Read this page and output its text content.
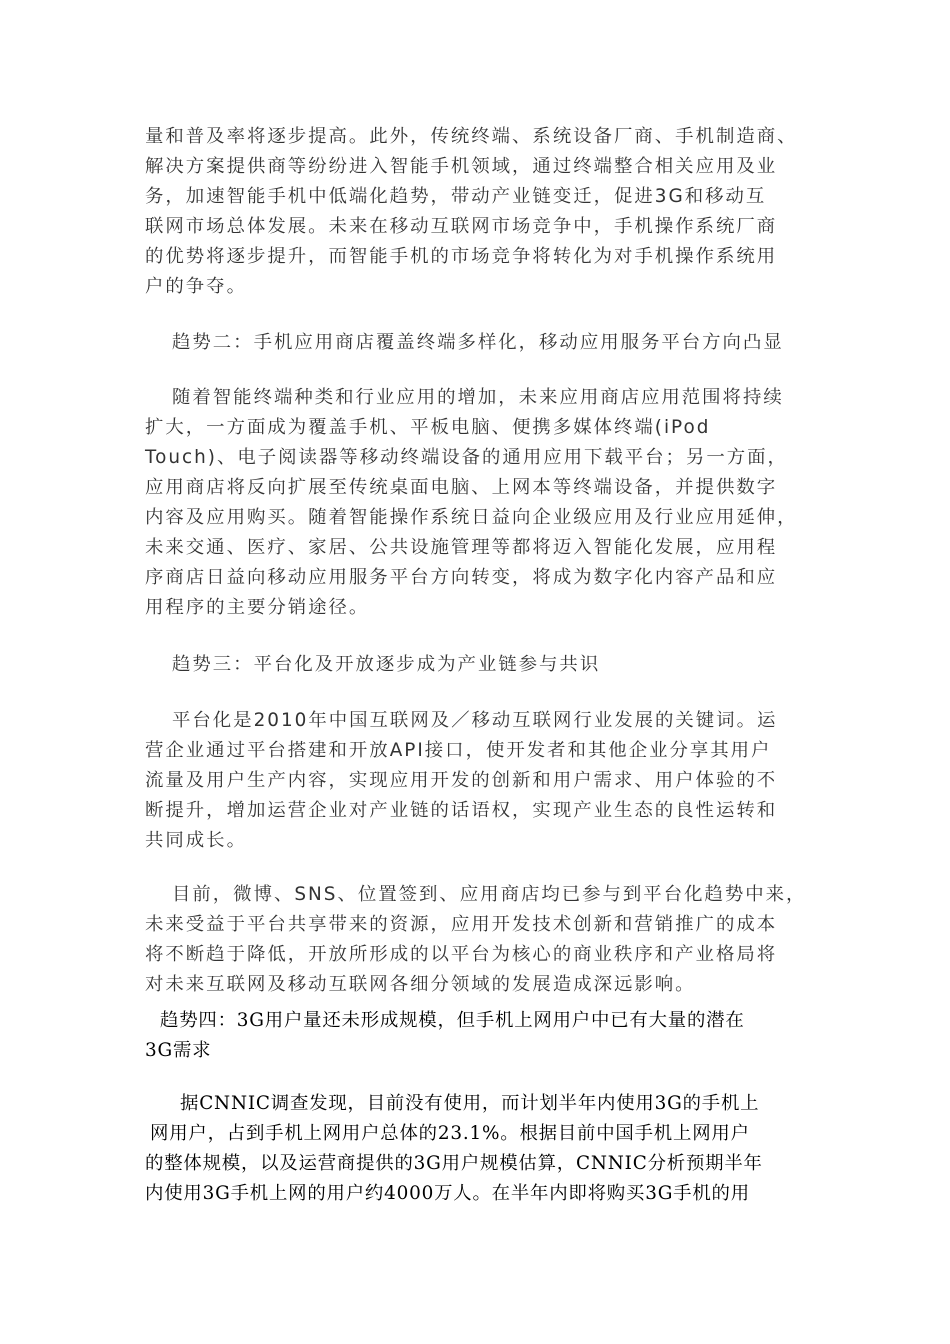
量和普及率将逐步提高。此外，传统终端、系统设备厂商、手机制造商、
解决方案提供商等纷纷进入智能手机领域，通过终端整合相关应用及业
务，加速智能手机中低端化趋势，带动产业链变迁，促进3G和移动互
联网市场总体发展。未来在移动互联网市场竞争中，手机操作系统厂商
的优势将逐步提升，而智能手机的市场竞争将转化为对手机操作系统用
户的争夺。
趋势二：手机应用商店覆盖终端多样化，移动应用服务平台方向凸显
随着智能终端种类和行业应用的增加，未来应用商店应用范围将持续
扩大，一方面成为覆盖手机、平板电脑、便携多媒体终端(iPod
Touch)、电子阅读器等移动终端设备的通用应用下载平台；另一方面，
应用商店将反向扩展至传统桌面电脑、上网本等终端设备，并提供数字
内容及应用购买。随着智能操作系统日益向企业级应用及行业应用延伸，
未来交通、医疗、家居、公共设施管理等都将迈入智能化发展，应用程
序商店日益向移动应用服务平台方向转变，将成为数字化内容产品和应
用程序的主要分销途径。
趋势三：平台化及开放逐步成为产业链参与共识
平台化是2010年中国互联网及／移动互联网行业发展的关键词。运
营企业通过平台搭建和开放API接口，使开发者和其他企业分享其用户
流量及用户生产内容，实现应用开发的创新和用户需求、用户体验的不
断提升，增加运营企业对产业链的话语权，实现产业生态的良性运转和
共同成长。
目前，微博、SNS、位置签到、应用商店均已参与到平台化趋势中来，
未来受益于平台共享带来的资源，应用开发技术创新和营销推广的成本
将不断趋于降低，开放所形成的以平台为核心的商业秩序和产业格局将
对未来互联网及移动互联网各细分领域的发展造成深远影响。
趋势四：3G用户量还未形成规模，但手机上网用户中已有大量的潜在
3G需求
据CNNIC调查发现，目前没有使用，而计划半年内使用3G的手机上
网用户，占到手机上网用户总体的23.1%。根据目前中国手机上网用户
的整体规模，以及运营商提供的3G用户规模估算，CNNIC分析预期半年
内使用3G手机上网的用户约4000万人。在半年内即将购买3G手机的用
